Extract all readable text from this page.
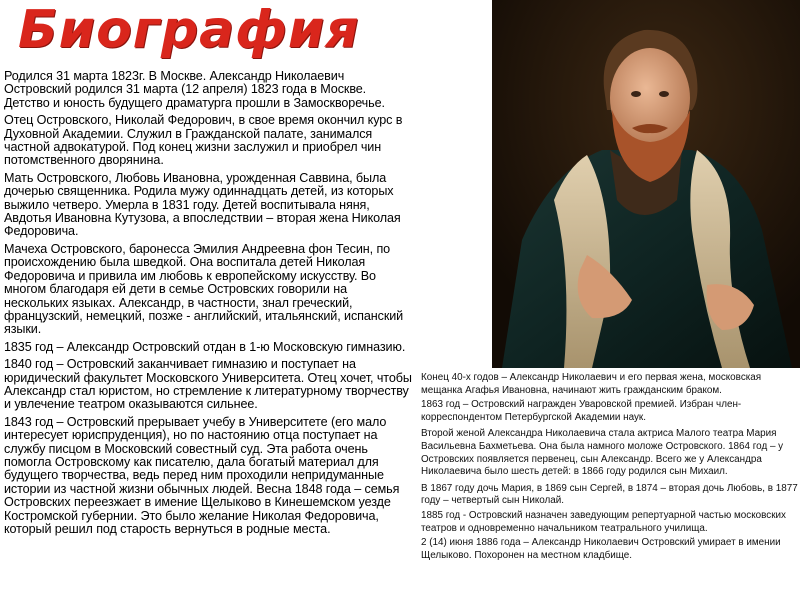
Биография

Родился 31 марта 1823г. В Москве. Александр Николаевич Островский родился 31 марта (12 апреля) 1823 года в Москве. Детство и юность будущего драматурга прошли в Замоскворечье.

Отец Островского, Николай Федорович, в свое время окончил курс в Духовной Академии. Служил в Гражданской палате, занимался частной адвокатурой. Под конец жизни заслужил и приобрел чин потомственного дворянина.

Мать Островского, Любовь Ивановна, урожденная Саввина, была дочерью священника. Родила мужу одиннадцать детей, из которых выжило четверо. Умерла в 1831 году. Детей воспитывала няня, Авдотья Ивановна Кутузова, а впоследствии – вторая жена Николая Федоровича.

Мачеха Островского, баронесса Эмилия Андреевна фон Тесин, по происхождению была шведкой. Она воспитала детей Николая Федоровича и привила им любовь к европейскому искусству. Во многом благодаря ей дети в семье Островских говорили на нескольких языках. Александр, в частности, знал греческий, французский, немецкий, позже - английский, итальянский, испанский языки.

1835 год – Александр Островский отдан в 1-ю Московскую гимназию.

1840 год – Островский заканчивает гимназию и поступает на юридический факультет Московского Университета. Отец хочет, чтобы Александр стал юристом, но стремление к литературному творчеству и увлечение театром оказываются сильнее.

1843 год – Островский прерывает учебу в Университете (его мало интересует юриспруденция), но по настоянию отца поступает на службу писцом в Московский совестный суд. Эта работа очень помогла Островскому как писателю, дала богатый материал для будущего творчества, ведь перед ним проходили непридуманные истории из частной жизни обычных людей. Весна 1848 года – семья Островских переезжает в имение Щелыково в Кинешемском уезде Костромской губернии. Это было желание Николая Федоровича, который решил под старость вернуться в родные места.

Конец 40-х годов – Александр Николаевич и его первая жена, московская мещанка Агафья Ивановна, начинают жить гражданским браком.

1863 год – Островский награжден Уваровской премией. Избран член-корреспондентом Петербургской Академии наук.

Второй женой Александра Николаевича стала актриса Малого театра Мария Васильевна Бахметьева. Она была намного моложе Островского. 1864 год – у Островских появляется первенец, сын Александр. Всего же у Александра Николаевича было шесть детей: в 1866 году родился сын Михаил.

В 1867 году дочь Мария, в 1869 сын Сергей, в 1874 – вторая дочь Любовь, в 1877 году – четвертый сын Николай.

1885 год - Островский назначен заведующим репертуарной частью московских театров и одновременно начальником театрального училища.

2 (14) июня 1886 года – Александр Николаевич Островский умирает в имении Щелыково. Похоронен на местном кладбище.
